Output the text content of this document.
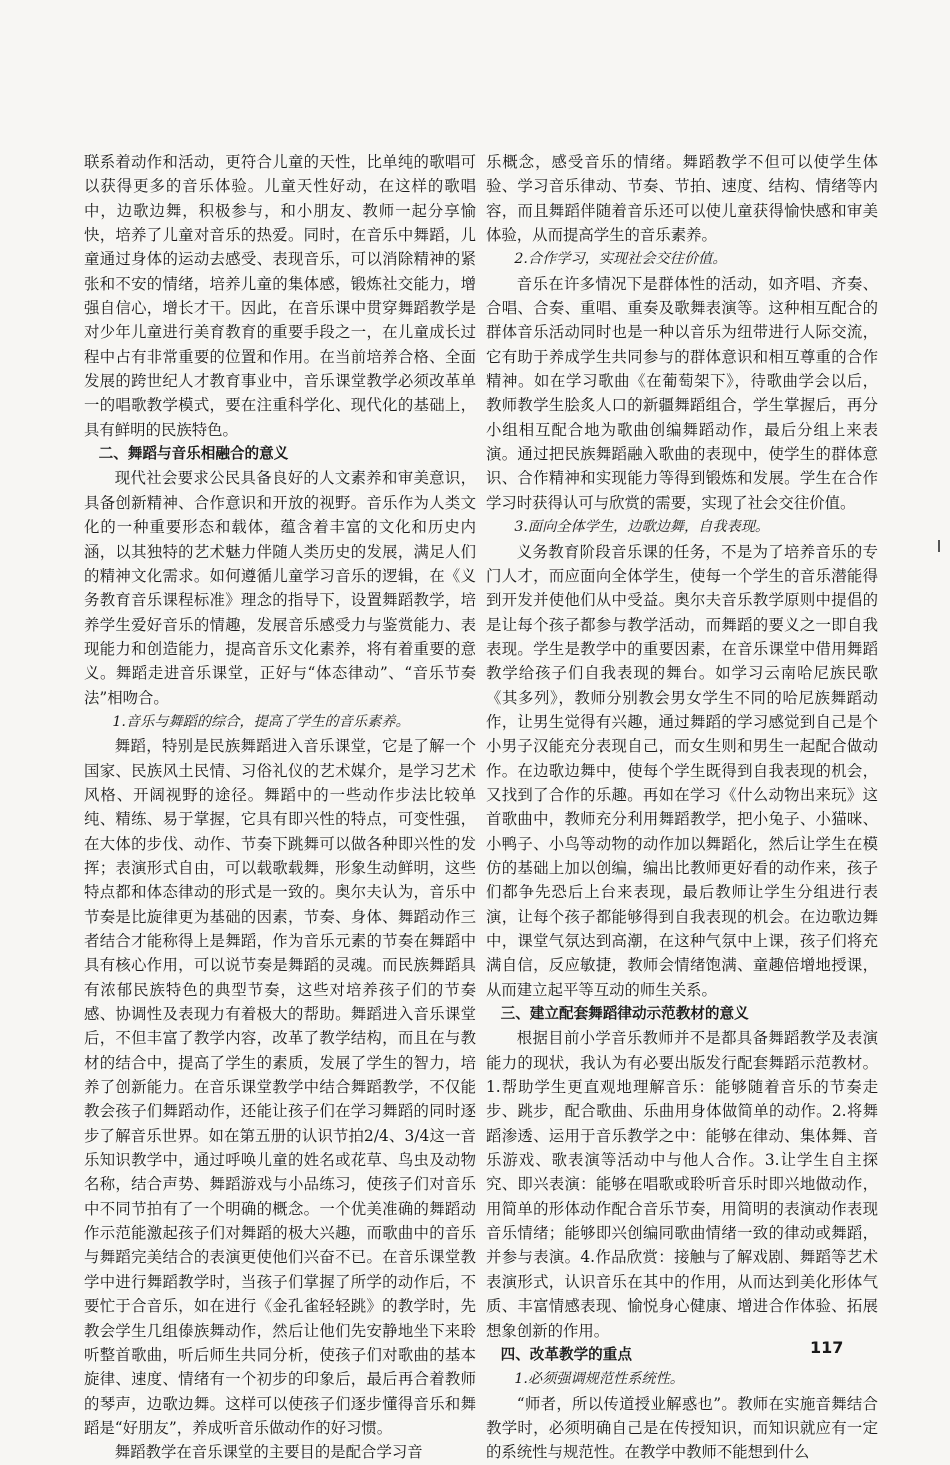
联系着动作和活动，更符合儿童的天性，比单纯的歌唱可以获得更多的音乐体验。儿童天性好动，在这样的歌唱中，边歌边舞，积极参与，和小朋友、教师一起分享愉快，培养了儿童对音乐的热爱。同时，在音乐中舞蹈，儿童通过身体的运动去感受、表现音乐，可以消除精神的紧张和不安的情绪，培养儿童的集体感，锻炼社交能力，增强自信心，增长才干。因此，在音乐课中贯穿舞蹈教学是对少年儿童进行美育教育的重要手段之一，在儿童成长过程中占有非常重要的位置和作用。在当前培养合格、全面发展的跨世纪人才教育事业中，音乐课堂教学必须改革单一的唱歌教学模式，要在注重科学化、现代化的基础上，具有鲜明的民族特色。

二、舞蹈与音乐相融合的意义

现代社会要求公民具备良好的人文素养和审美意识，具备创新精神、合作意识和开放的视野。音乐作为人类文化的一种重要形态和载体，蕴含着丰富的文化和历史内涵，以其独特的艺术魅力伴随人类历史的发展，满足人们的精神文化需求。如何遵循儿童学习音乐的逻辑，在《义务教育音乐课程标准》理念的指导下，设置舞蹈教学，培养学生爱好音乐的情趣，发展音乐感受力与鉴赏能力、表现能力和创造能力，提高音乐文化素养，将有着重要的意义。舞蹈走进音乐课堂，正好与“体态律动”、“音乐节奏法”相吻合。

1.音乐与舞蹈的综合，提高了学生的音乐素养。

舞蹈，特别是民族舞蹈进入音乐课堂，它是了解一个国家、民族风土民情、习俗礼仪的艺术媒介，是学习艺术风格、开阔视野的途径。舞蹈中的一些动作步法比较单纯、精练、易于掌握，它具有即兴性的特点，可变性强，在大体的步伐、动作、节奏下跳舞可以做各种即兴性的发挥；表演形式自由，可以载歌载舞，形象生动鲜明，这些特点都和体态律动的形式是一致的。奥尔夫认为，音乐中节奏是比旋律更为基础的因素，节奏、身体、舞蹈动作三者结合才能称得上是舞蹈，作为音乐元素的节奏在舞蹈中具有核心作用，可以说节奏是舞蹈的灵魂。而民族舞蹈具有浓郁民族特色的典型节奏，这些对培养孩子们的节奏感、协调性及表现力有着极大的帮助。舞蹈进入音乐课堂后，不但丰富了教学内容，改革了教学结构，而且在与教材的结合中，提高了学生的素质，发展了学生的智力，培养了创新能力。在音乐课堂教学中结合舞蹈教学，不仅能教会孩子们舞蹈动作，还能让孩子们在学习舞蹈的同时逐步了解音乐世界。如在第五册的认识节拍2/4、3/4这一音乐知识教学中，通过呼唤儿童的姓名或花草、鸟虫及动物名称，结合声势、舞蹈游戏与小品练习，使孩子们对音乐中不同节拍有了一个明确的概念。一个优美准确的舞蹈动作示范能激起孩子们对舞蹈的极大兴趣，而歌曲中的音乐与舞蹈完美结合的表演更使他们兴奋不已。在音乐课堂教学中进行舞蹈教学时，当孩子们掌握了所学的动作后，不要忙于合音乐，如在进行《金孔雀轻轻跳》的教学时，先教会学生几组傣族舞动作，然后让他们先安静地坐下来聆听整首歌曲，听后师生共同分析，使孩子们对歌曲的基本旋律、速度、情绪有一个初步的印象后，最后再合着教师的琴声，边歌边舞。这样可以使孩子们逐步懂得音乐和舞蹈是“好朋友”，养成听音乐做动作的好习惯。

舞蹈教学在音乐课堂的主要目的是配合学习音

乐概念，感受音乐的情绪。舞蹈教学不但可以使学生体验、学习音乐律动、节奏、节拍、速度、结构、情绪等内容，而且舞蹈伴随着音乐还可以使儿童获得愉快感和审美体验，从而提高学生的音乐素养。

2.合作学习，实现社会交往价值。

音乐在许多情况下是群体性的活动，如齐唱、齐奏、合唱、合奏、重唱、重奏及歌舞表演等。这种相互配合的群体音乐活动同时也是一种以音乐为纽带进行人际交流，它有助于养成学生共同参与的群体意识和相互尊重的合作精神。如在学习歌曲《在葡萄架下》，待歌曲学会以后，教师教学生脍炙人口的新疆舞蹈组合，学生掌握后，再分小组相互配合地为歌曲创编舞蹈动作，最后分组上来表演。通过把民族舞蹈融入歌曲的表现中，使学生的群体意识、合作精神和实现能力等得到锻炼和发展。学生在合作学习时获得认可与欣赏的需要，实现了社会交往价值。

3.面向全体学生，边歌边舞，自我表现。

义务教育阶段音乐课的任务，不是为了培养音乐的专门人才，而应面向全体学生，使每一个学生的音乐潜能得到开发并使他们从中受益。奥尔夫音乐教学原则中提倡的是让每个孩子都参与教学活动，而舞蹈的要义之一即自我表现。学生是教学中的重要因素，在音乐课堂中借用舞蹈教学给孩子们自我表现的舞台。如学习云南哈尼族民歌《其多列》，教师分别教会男女学生不同的哈尼族舞蹈动作，让男生觉得有兴趣，通过舞蹈的学习感觉到自己是个小男子汉能充分表现自己，而女生则和男生一起配合做动作。在边歌边舞中，使每个学生既得到自我表现的机会，又找到了合作的乐趣。再如在学习《什么动物出来玩》这首歌曲中，教师充分利用舞蹈教学，把小兔子、小猫咪、小鸭子、小鸟等动物的动作加以舞蹈化，然后让学生在模仿的基础上加以创编，编出比教师更好看的动作来，孩子们都争先恐后上台来表现，最后教师让学生分组进行表演，让每个孩子都能够得到自我表现的机会。在边歌边舞中，课堂气氛达到高潮，在这种气氛中上课，孩子们将充满自信，反应敏捷，教师会情绪饱满、童趣倍增地授课，从而建立起平等互动的师生关系。

三、建立配套舞蹈律动示范教材的意义

根据目前小学音乐教师并不是都具备舞蹈教学及表演能力的现状，我认为有必要出版发行配套舞蹈示范教材。1.帮助学生更直观地理解音乐：能够随着音乐的节奏走步、跳步，配合歌曲、乐曲用身体做简单的动作。2.将舞蹈渗透、运用于音乐教学之中：能够在律动、集体舞、音乐游戏、歌表演等活动中与他人合作。3.让学生自主探究、即兴表演：能够在唱歌或聆听音乐时即兴地做动作，用简单的形体动作配合音乐节奏，用简明的表演动作表现音乐情绪；能够即兴创编同歌曲情绪一致的律动或舞蹈，并参与表演。4.作品欣赏：接触与了解戏剧、舞蹈等艺术表演形式，认识音乐在其中的作用，从而达到美化形体气质、丰富情感表现、愉悦身心健康、增进合作体验、拓展想象创新的作用。

四、改革教学的重点

1.必须强调规范性系统性。

“师者，所以传道授业解惑也”。教师在实施音舞结合教学时，必须明确自己是在传授知识，而知识就应有一定的系统性与规范性。在教学中教师不能想到什么

117
